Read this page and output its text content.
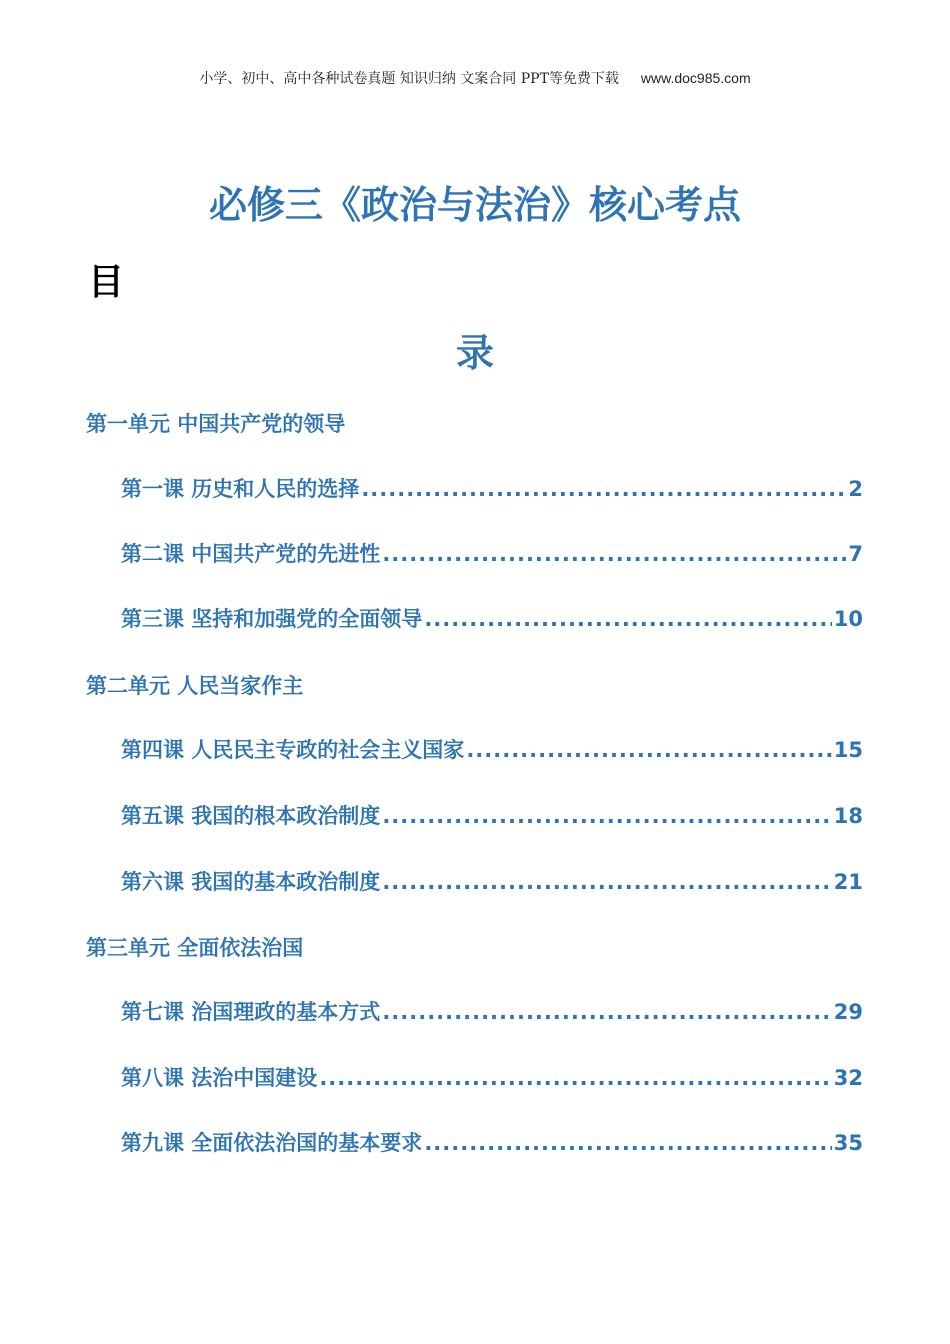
小学、初中、高中各种试卷真题 知识归纳 文案合同 PPT等免费下载 www.doc985.com
必修三《政治与法治》核心考点
目
录
第一单元 中国共产党的领导
第一课 历史和人民的选择 .....	2
第二课 中国共产党的先进性 .....	7
第三课 坚持和加强党的全面领导 .....	10
第二单元 人民当家作主
第四课 人民民主专政的社会主义国家 .....	15
第五课 我国的根本政治制度 .....	18
第六课 我国的基本政治制度 .....	21
第三单元 全面依法治国
第七课 治国理政的基本方式 .....	29
第八课 法治中国建设 .....	32
第九课 全面依法治国的基本要求 .....	35
